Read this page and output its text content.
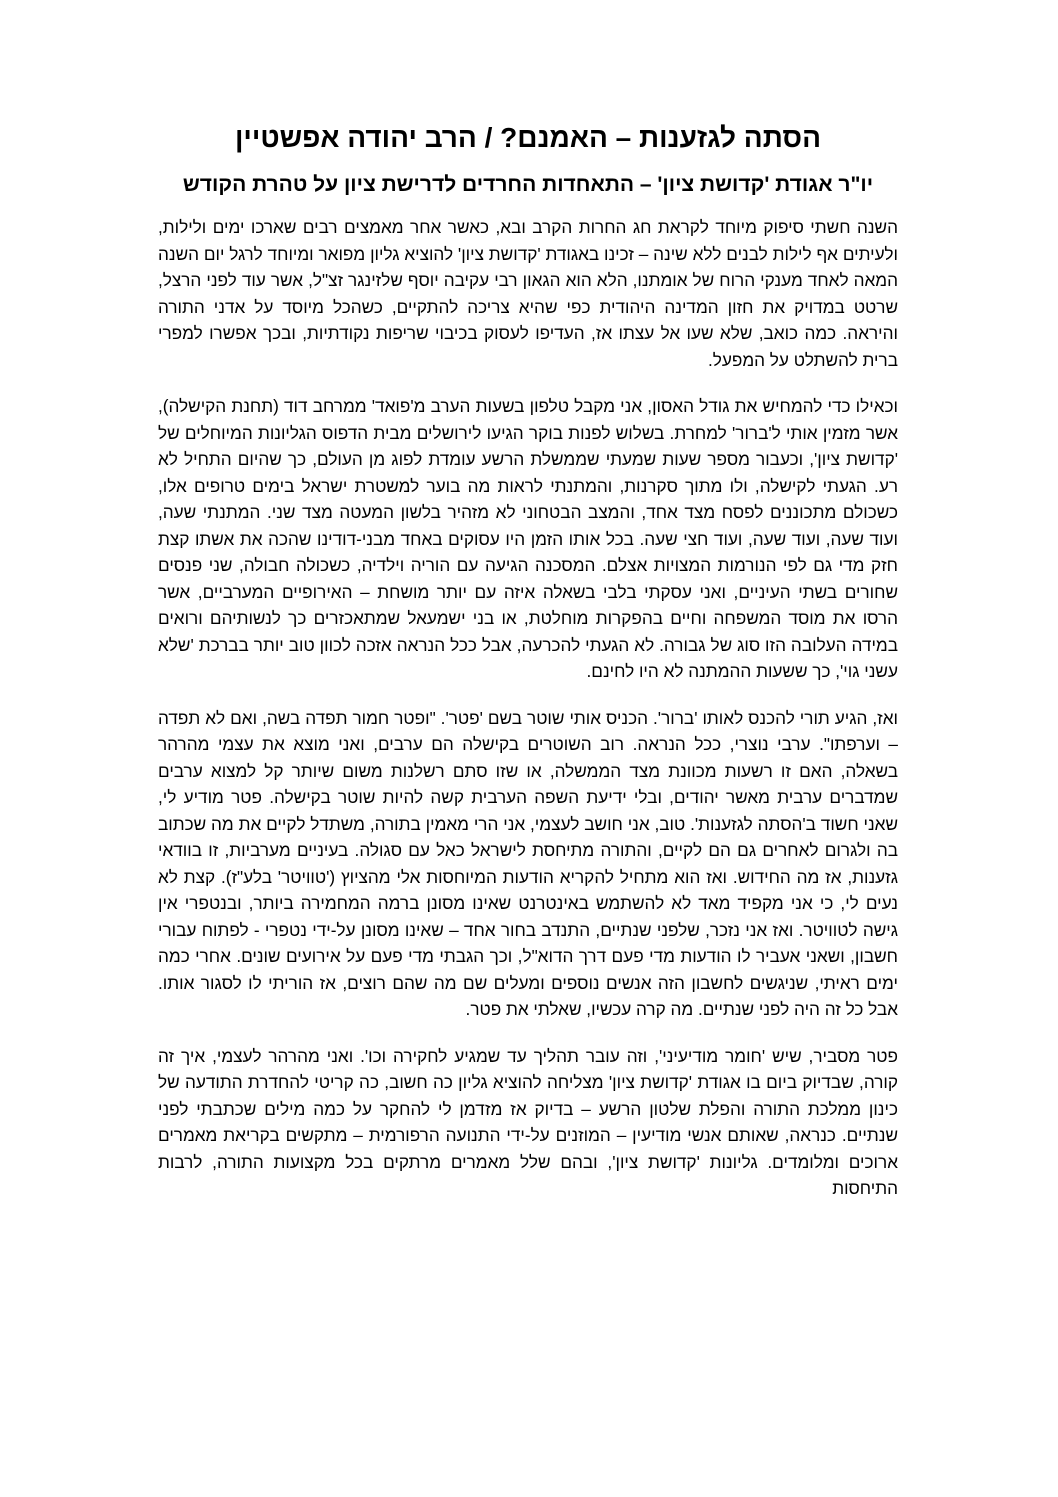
הסתה לגזענות – האמנם? / הרב יהודה אפשטיין
יו"ר אגודת 'קדושת ציון' – התאחדות החרדים לדרישת ציון על טהרת הקודש

השנה חשתי סיפוק מיוחד לקראת חג החרות הקרב ובא, כאשר אחר מאמצים רבים שארכו ימים ולילות, ולעיתים אף לילות לבנים ללא שינה – זכינו באגודת 'קדושת ציון' להוציא גליון מפואר ומיוחד לרגל יום השנה המאה לאחד מענקי הרוח של אומתנו, הלא הוא הגאון רבי עקיבה יוסף שלזינגר זצ"ל, אשר עוד לפני הרצל, שרטט במדויק את חזון המדינה היהודית כפי שהיא צריכה להתקיים, כשהכל מיוסד על אדני התורה והיראה. כמה כואב, שלא שעו אל עצתו אז, העדיפו לעסוק בכיבוי שריפות נקודתיות, ובכך אפשרו למפרי ברית להשתלט על המפעל.

וכאילו כדי להמחיש את גודל האסון, אני מקבל טלפון בשעות הערב מ'פואד' ממרחב דוד (תחנת הקישלה), אשר מזמין אותי ל'ברור' למחרת. בשלוש לפנות בוקר הגיעו לירושלים מבית הדפוס הגליונות המיוחלים של 'קדושת ציון', וכעבור מספר שעות שמעתי שממשלת הרשע עומדת לפוג מן העולם, כך שהיום התחיל לא רע. הגעתי לקישלה, ולו מתוך סקרנות, והמתנתי לראות מה בוער למשטרת ישראל בימים טרופים אלו, כשכולם מתכוננים לפסח מצד אחד, והמצב הבטחוני לא מזהיר בלשון המעטה מצד שני. המתנתי שעה, ועוד שעה, ועוד שעה, ועוד חצי שעה. בכל אותו הזמן היו עסוקים באחד מבני-דודינו שהכה את אשתו קצת חזק מדי גם לפי הנורמות המצויות אצלם. המסכנה הגיעה עם הוריה וילדיה, כשכולה חבולה, שני פנסים שחורים בשתי העיניים, ואני עסקתי בלבי בשאלה איזה עם יותר מושחת – האירופיים המערביים, אשר הרסו את מוסד המשפחה וחיים בהפקרות מוחלטת, או בני ישמעאל שמתאכזרים כך לנשותיהם ורואים במידה העלובה הזו סוג של גבורה. לא הגעתי להכרעה, אבל ככל הנראה אזכה לכוון טוב יותר בברכת 'שלא עשני גוי', כך ששעות ההמתנה לא היו לחינם.

ואז, הגיע תורי להכנס לאותו 'ברור'. הכניס אותי שוטר בשם 'פטר'. "ופטר חמור תפדה בשה, ואם לא תפדה – וערפתו". ערבי נוצרי, ככל הנראה. רוב השוטרים בקישלה הם ערבים, ואני מוצא את עצמי מהרהר בשאלה, האם זו רשעות מכוונת מצד הממשלה, או שזו סתם רשלנות משום שיותר קל למצוא ערבים שמדברים ערבית מאשר יהודים, ובלי ידיעת השפה הערבית קשה להיות שוטר בקישלה. פטר מודיע לי, שאני חשוד ב'הסתה לגזענות'. טוב, אני חושב לעצמי, אני הרי מאמין בתורה, משתדל לקיים את מה שכתוב בה ולגרום לאחרים גם הם לקיים, והתורה מתיחסת לישראל כאל עם סגולה. בעיניים מערביות, זו בוודאי גזענות, אז מה החידוש. ואז הוא מתחיל להקריא הודעות המיוחסות אלי מהציוץ ('טוויטר' בלע"ז). קצת לא נעים לי, כי אני מקפיד מאד לא להשתמש באינטרנט שאינו מסונן ברמה המחמירה ביותר, ובנטפרי אין גישה לטוויטר. ואז אני נזכר, שלפני שנתיים, התנדב בחור אחד – שאינו מסונן על-ידי נטפרי - לפתוח עבורי חשבון, ושאני אעביר לו הודעות מדי פעם דרך הדוא"ל, וכך הגבתי מדי פעם על אירועים שונים. אחרי כמה ימים ראיתי, שניגשים לחשבון הזה אנשים נוספים ומעלים שם מה שהם רוצים, אז הוריתי לו לסגור אותו. אבל כל זה היה לפני שנתיים. מה קרה עכשיו, שאלתי את פטר.

פטר מסביר, שיש 'חומר מודיעיני', וזה עובר תהליך עד שמגיע לחקירה וכו'. ואני מהרהר לעצמי, איך זה קורה, שבדיוק ביום בו אגודת 'קדושת ציון' מצליחה להוציא גליון כה חשוב, כה קריטי להחדרת התודעה של כינון ממלכת התורה והפלת שלטון הרשע – בדיוק אז מזדמן לי להחקר על כמה מילים שכתבתי לפני שנתיים. כנראה, שאותם אנשי מודיעין – המוזנים על-ידי התנועה הרפורמית – מתקשים בקריאת מאמרים ארוכים ומלומדים. גליונות 'קדושת ציון', ובהם שלל מאמרים מרתקים בכל מקצועות התורה, לרבות התיחסות
